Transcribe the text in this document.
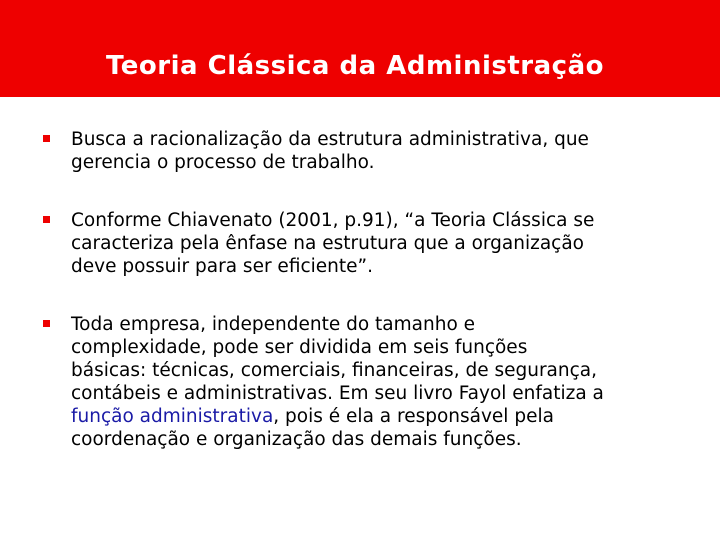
Teoria Clássica da Administração
Busca a racionalização da estrutura administrativa, que
gerencia o processo de trabalho.
Conforme Chiavenato (2001, p.91), “a Teoria Clássica se
caracteriza pela ênfase na estrutura que a organização
deve possuir para ser eficiente”.
Toda empresa, independente do tamanho e
complexidade, pode ser dividida em seis funções
básicas: técnicas, comerciais, financeiras, de segurança,
contábeis e administrativas. Em seu livro Fayol enfatiza a
função administrativa, pois é ela a responsável pela
coordenação e organização das demais funções.
